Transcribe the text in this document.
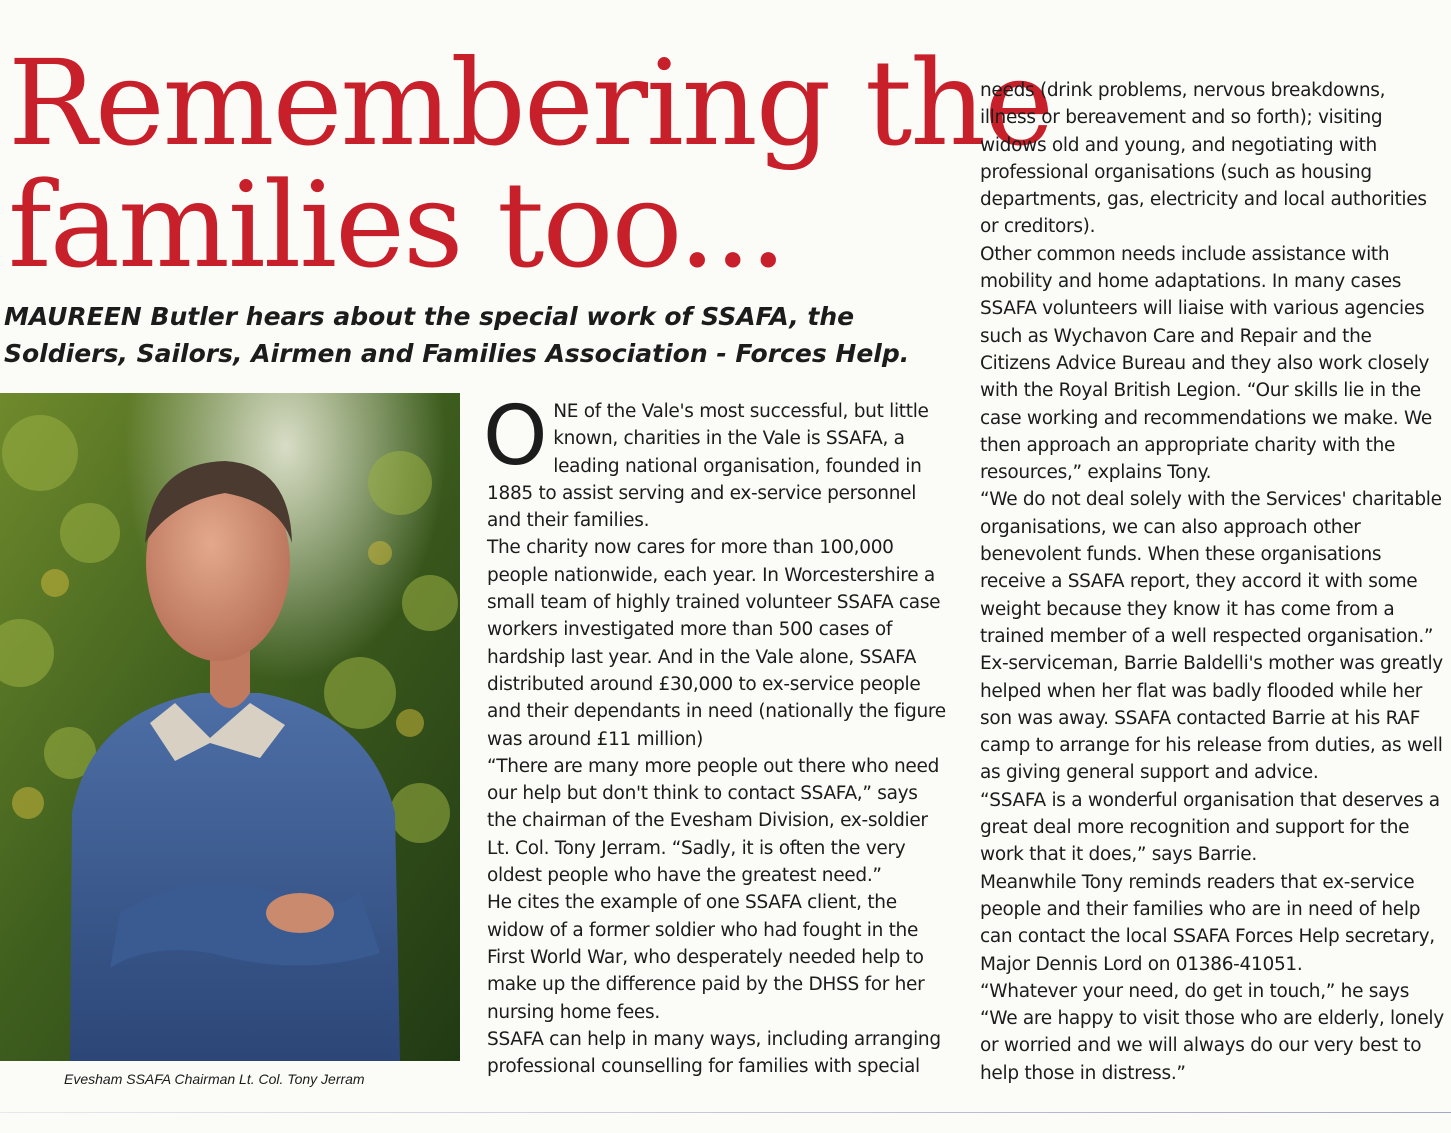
Remembering the
families too...

MAUREEN Butler hears about the special work of SSAFA, the Soldiers, Sailors, Airmen and Families Association - Forces Help.

Evesham SSAFA Chairman Lt. Col. Tony Jerram

ONE of the Vale's most successful, but little known, charities in the Vale is SSAFA, a leading national organisation, founded in 1885 to assist serving and ex-service personnel and their families.

The charity now cares for more than 100,000 people nationwide, each year. In Worcestershire a small team of highly trained volunteer SSAFA case workers investigated more than 500 cases of hardship last year. And in the Vale alone, SSAFA distributed around £30,000 to ex-service people and their dependants in need (nationally the figure was around £11 million)

“There are many more people out there who need our help but don't think to contact SSAFA,” says the chairman of the Evesham Division, ex-soldier Lt. Col. Tony Jerram. “Sadly, it is often the very oldest people who have the greatest need.”

He cites the example of one SSAFA client, the widow of a former soldier who had fought in the First World War, who desperately needed help to make up the difference paid by the DHSS for her nursing home fees.

SSAFA can help in many ways, including arranging professional counselling for families with special

needs (drink problems, nervous breakdowns, illness or bereavement and so forth); visiting widows old and young, and negotiating with professional organisations (such as housing departments, gas, electricity and local authorities or creditors).

Other common needs include assistance with mobility and home adaptations. In many cases SSAFA volunteers will liaise with various agencies such as Wychavon Care and Repair and the Citizens Advice Bureau and they also work closely with the Royal British Legion. “Our skills lie in the case working and recommendations we make. We then approach an appropriate charity with the resources,” explains Tony.

“We do not deal solely with the Services' charitable organisations, we can also approach other benevolent funds. When these organisations receive a SSAFA report, they accord it with some weight because they know it has come from a trained member of a well respected organisation.”

Ex-serviceman, Barrie Baldelli's mother was greatly helped when her flat was badly flooded while her son was away. SSAFA contacted Barrie at his RAF camp to arrange for his release from duties, as well as giving general support and advice.

“SSAFA is a wonderful organisation that deserves a great deal more recognition and support for the work that it does,” says Barrie.

Meanwhile Tony reminds readers that ex-service people and their families who are in need of help can contact the local SSAFA Forces Help secretary, Major Dennis Lord on 01386-41051.

“Whatever your need, do get in touch,” he says “We are happy to visit those who are elderly, lonely or worried and we will always do our very best to help those in distress.”
